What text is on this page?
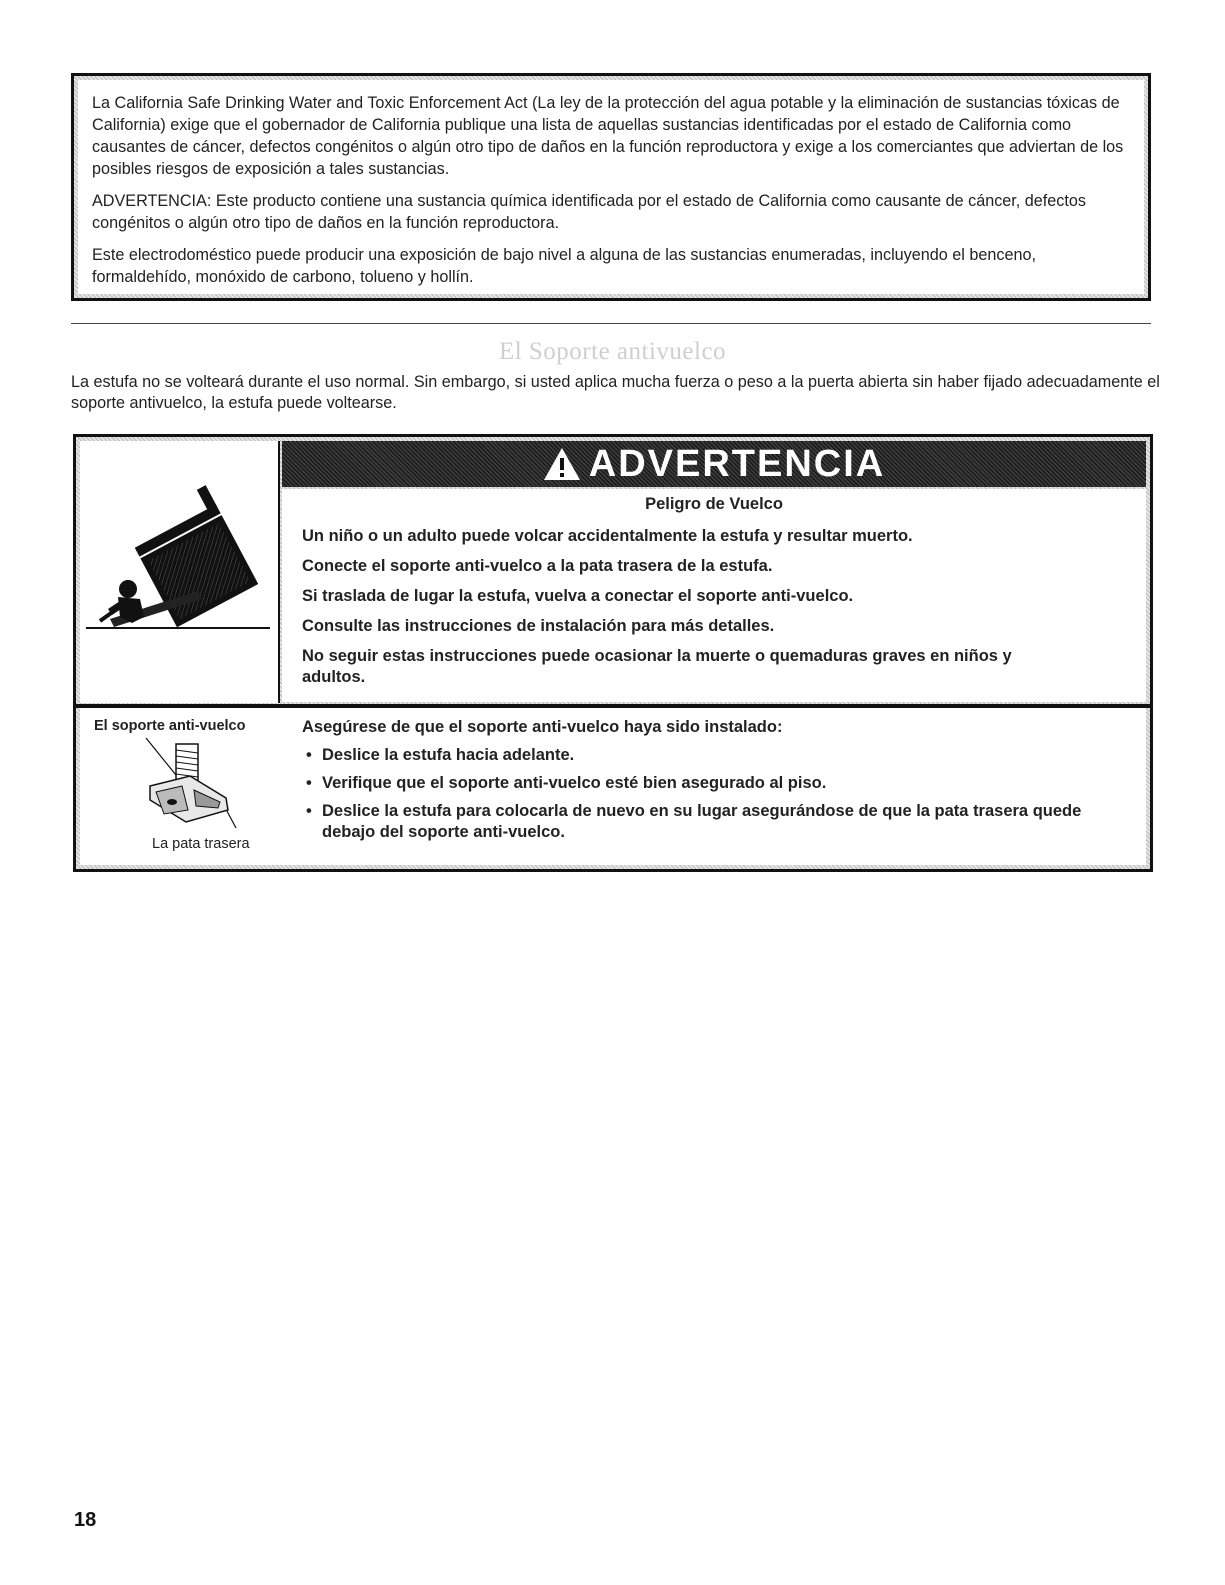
La California Safe Drinking Water and Toxic Enforcement Act (La ley de la protección del agua potable y la eliminación de sustancias tóxicas de California) exige que el gobernador de California publique una lista de aquellas sustancias identificadas por el estado de California como causantes de cáncer, defectos congénitos o algún otro tipo de daños en la función reproductora y exige a los comerciantes que adviertan de los posibles riesgos de exposición a tales sustancias.

ADVERTENCIA: Este producto contiene una sustancia química identificada por el estado de California como causante de cáncer, defectos congénitos o algún otro tipo de daños en la función reproductora.

Este electrodoméstico puede producir una exposición de bajo nivel a alguna de las sustancias enumeradas, incluyendo el benceno, formaldehído, monóxido de carbono, tolueno y hollín.

El Soporte antivuelco

La estufa no se volteará durante el uso normal. Sin embargo, si usted aplica mucha fuerza o peso a la puerta abierta sin haber fijado adecuadamente el soporte antivuelco, la estufa puede voltearse.

ADVERTENCIA
Peligro de Vuelco

Un niño o un adulto puede volcar accidentalmente la estufa y resultar muerto.

Conecte el soporte anti-vuelco a la pata trasera de la estufa.

Si traslada de lugar la estufa, vuelva a conectar el soporte anti-vuelco.

Consulte las instrucciones de instalación para más detalles.

No seguir estas instrucciones puede ocasionar la muerte o quemaduras graves en niños y adultos.

El soporte anti-vuelco
La pata trasera

Asegúrese de que el soporte anti-vuelco haya sido instalado:

• Deslice la estufa hacia adelante.
• Verifique que el soporte anti-vuelco esté bien asegurado al piso.
• Deslice la estufa para colocarla de nuevo en su lugar asegurándose de que la pata trasera quede debajo del soporte anti-vuelco.
18
